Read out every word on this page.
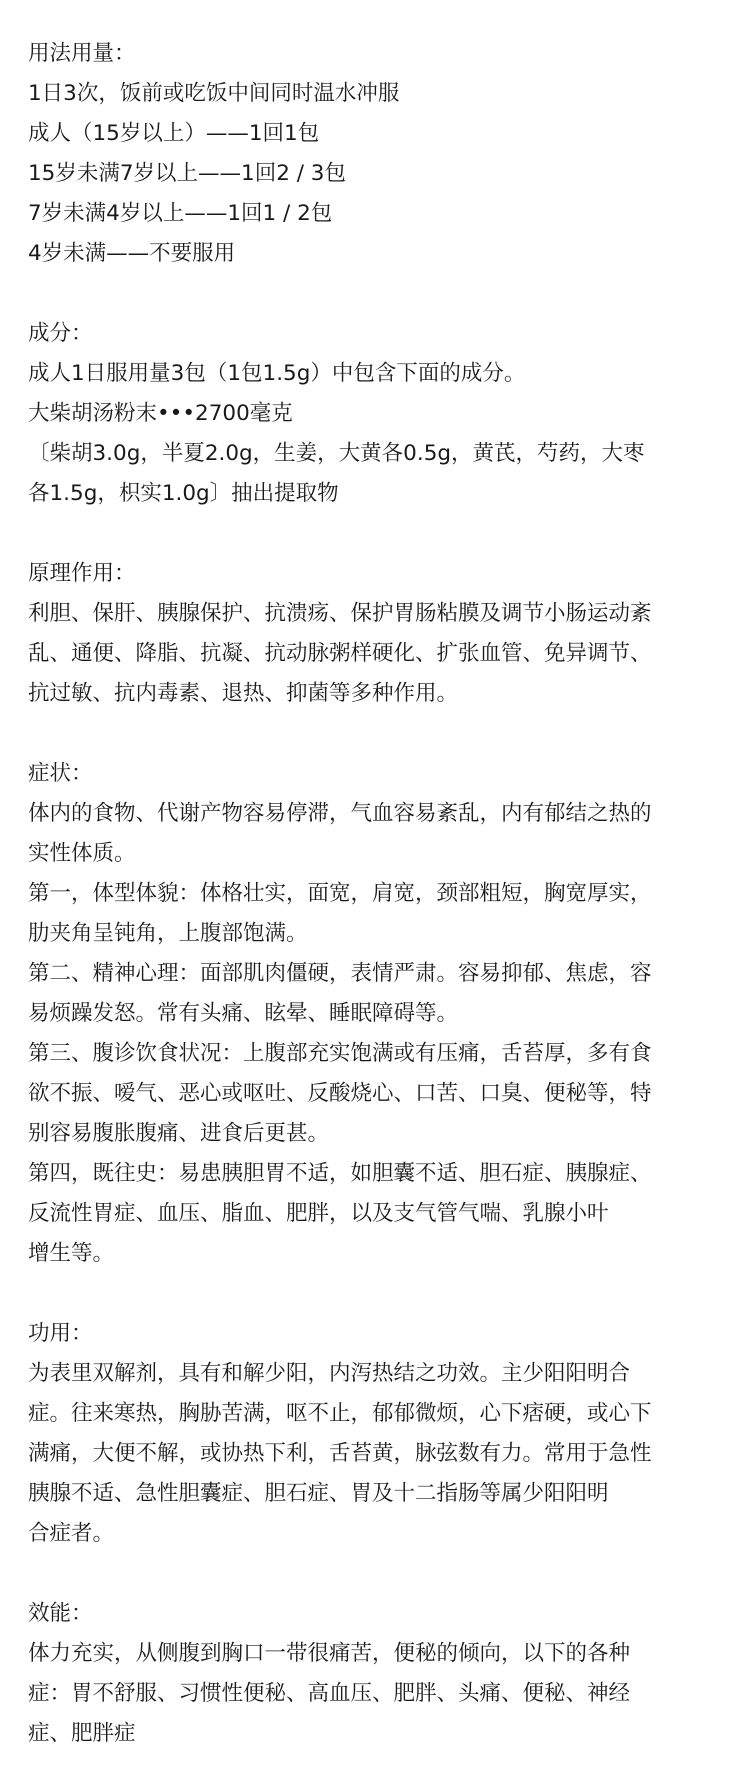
用法用量：
1日3次，饭前或吃饭中间同时温水冲服
成人（15岁以上）——1回1包
15岁未满7岁以上——1回2 / 3包
7岁未满4岁以上——1回1 / 2包
4岁未满——不要服用
成分：
成人1日服用量3包（1包1.5g）中包含下面的成分。
大柴胡汤粉末•••2700毫克
〔柴胡3.0g，半夏2.0g，生姜，大黄各0.5g，黄芪，芍药，大枣
各1.5g，枳实1.0g〕抽出提取物
原理作用：
利胆、保肝、胰腺保护、抗溃疡、保护胃肠粘膜及调节小肠运动紊
乱、通便、降脂、抗凝、抗动脉粥样硬化、扩张血管、免异调节、
抗过敏、抗内毒素、退热、抑菌等多种作用。
症状：
体内的食物、代谢产物容易停滞，气血容易紊乱，内有郁结之热的
实性体质。
第一，体型体貌：体格壮实，面宽，肩宽，颈部粗短，胸宽厚实，
肋夹角呈钝角，上腹部饱满。
第二、精神心理：面部肌肉僵硬，表情严肃。容易抑郁、焦虑，容
易烦躁发怒。常有头痛、眩晕、睡眠障碍等。
第三、腹诊饮食状况：上腹部充实饱满或有压痛，舌苔厚，多有食
欲不振、嗳气、恶心或呕吐、反酸烧心、口苦、口臭、便秘等，特
别容易腹胀腹痛、进食后更甚。
第四，既往史：易患胰胆胃不适，如胆囊不适、胆石症、胰腺症、
反流性胃症、血压、脂血、肥胖，以及支气管气喘、乳腺小叶
增生等。
功用：
为表里双解剂，具有和解少阳，内泻热结之功效。主少阳阳明合
症。往来寒热，胸胁苦满，呕不止，郁郁微烦，心下痞硬，或心下
满痛，大便不解，或协热下利，舌苔黄，脉弦数有力。常用于急性
胰腺不适、急性胆囊症、胆石症、胃及十二指肠等属少阳阳明
合症者。
效能：
体力充实，从侧腹到胸口一带很痛苦，便秘的倾向，以下的各种
症：胃不舒服、习惯性便秘、高血压、肥胖、头痛、便秘、神经
症、肥胖症
